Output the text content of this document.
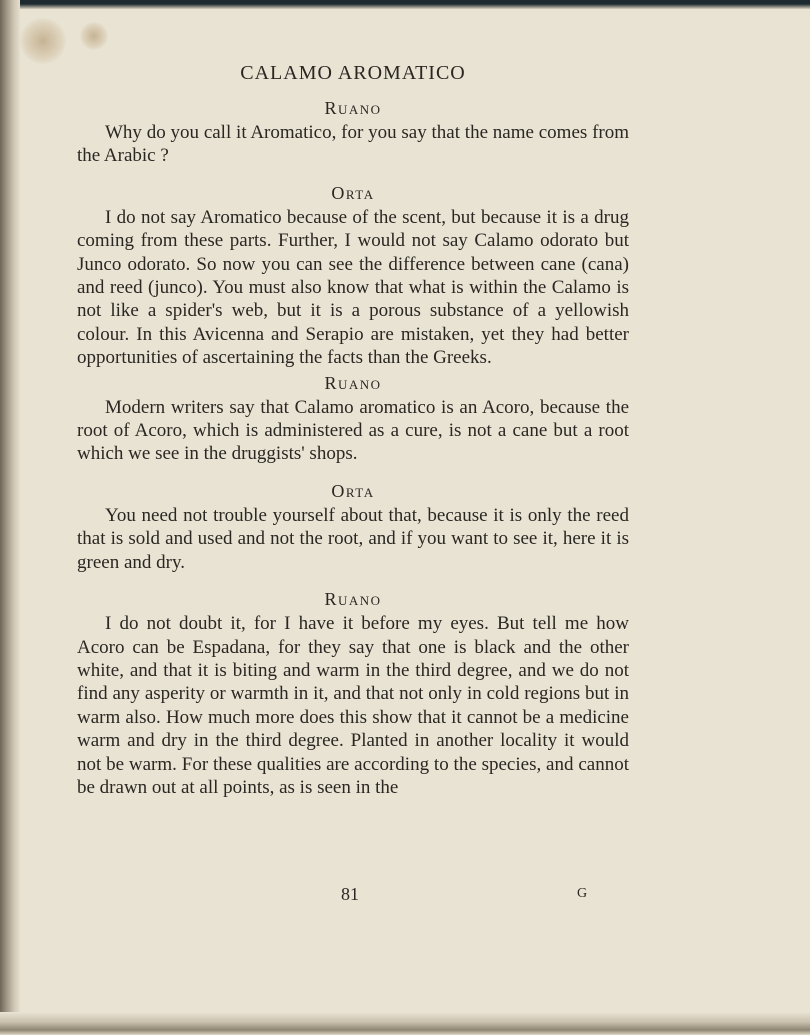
CALAMO AROMATICO

Ruano

Why do you call it Aromatico, for you say that the name comes from the Arabic ?

Orta

I do not say Aromatico because of the scent, but because it is a drug coming from these parts. Further, I would not say Calamo odorato but Junco odorato. So now you can see the difference between cane (cana) and reed (junco). You must also know that what is within the Calamo is not like a spider's web, but it is a porous substance of a yellowish colour. In this Avicenna and Serapio are mistaken, yet they had better opportunities of ascertaining the facts than the Greeks.

Ruano

Modern writers say that Calamo aromatico is an Acoro, because the root of Acoro, which is administered as a cure, is not a cane but a root which we see in the druggists' shops.

Orta

You need not trouble yourself about that, because it is only the reed that is sold and used and not the root, and if you want to see it, here it is green and dry.

Ruano

I do not doubt it, for I have it before my eyes. But tell me how Acoro can be Espadana, for they say that one is black and the other white, and that it is biting and warm in the third degree, and we do not find any asperity or warmth in it, and that not only in cold regions but in warm also. How much more does this show that it cannot be a medicine warm and dry in the third degree. Planted in another locality it would not be warm. For these qualities are according to the species, and cannot be drawn out at all points, as is seen in the

81	G
